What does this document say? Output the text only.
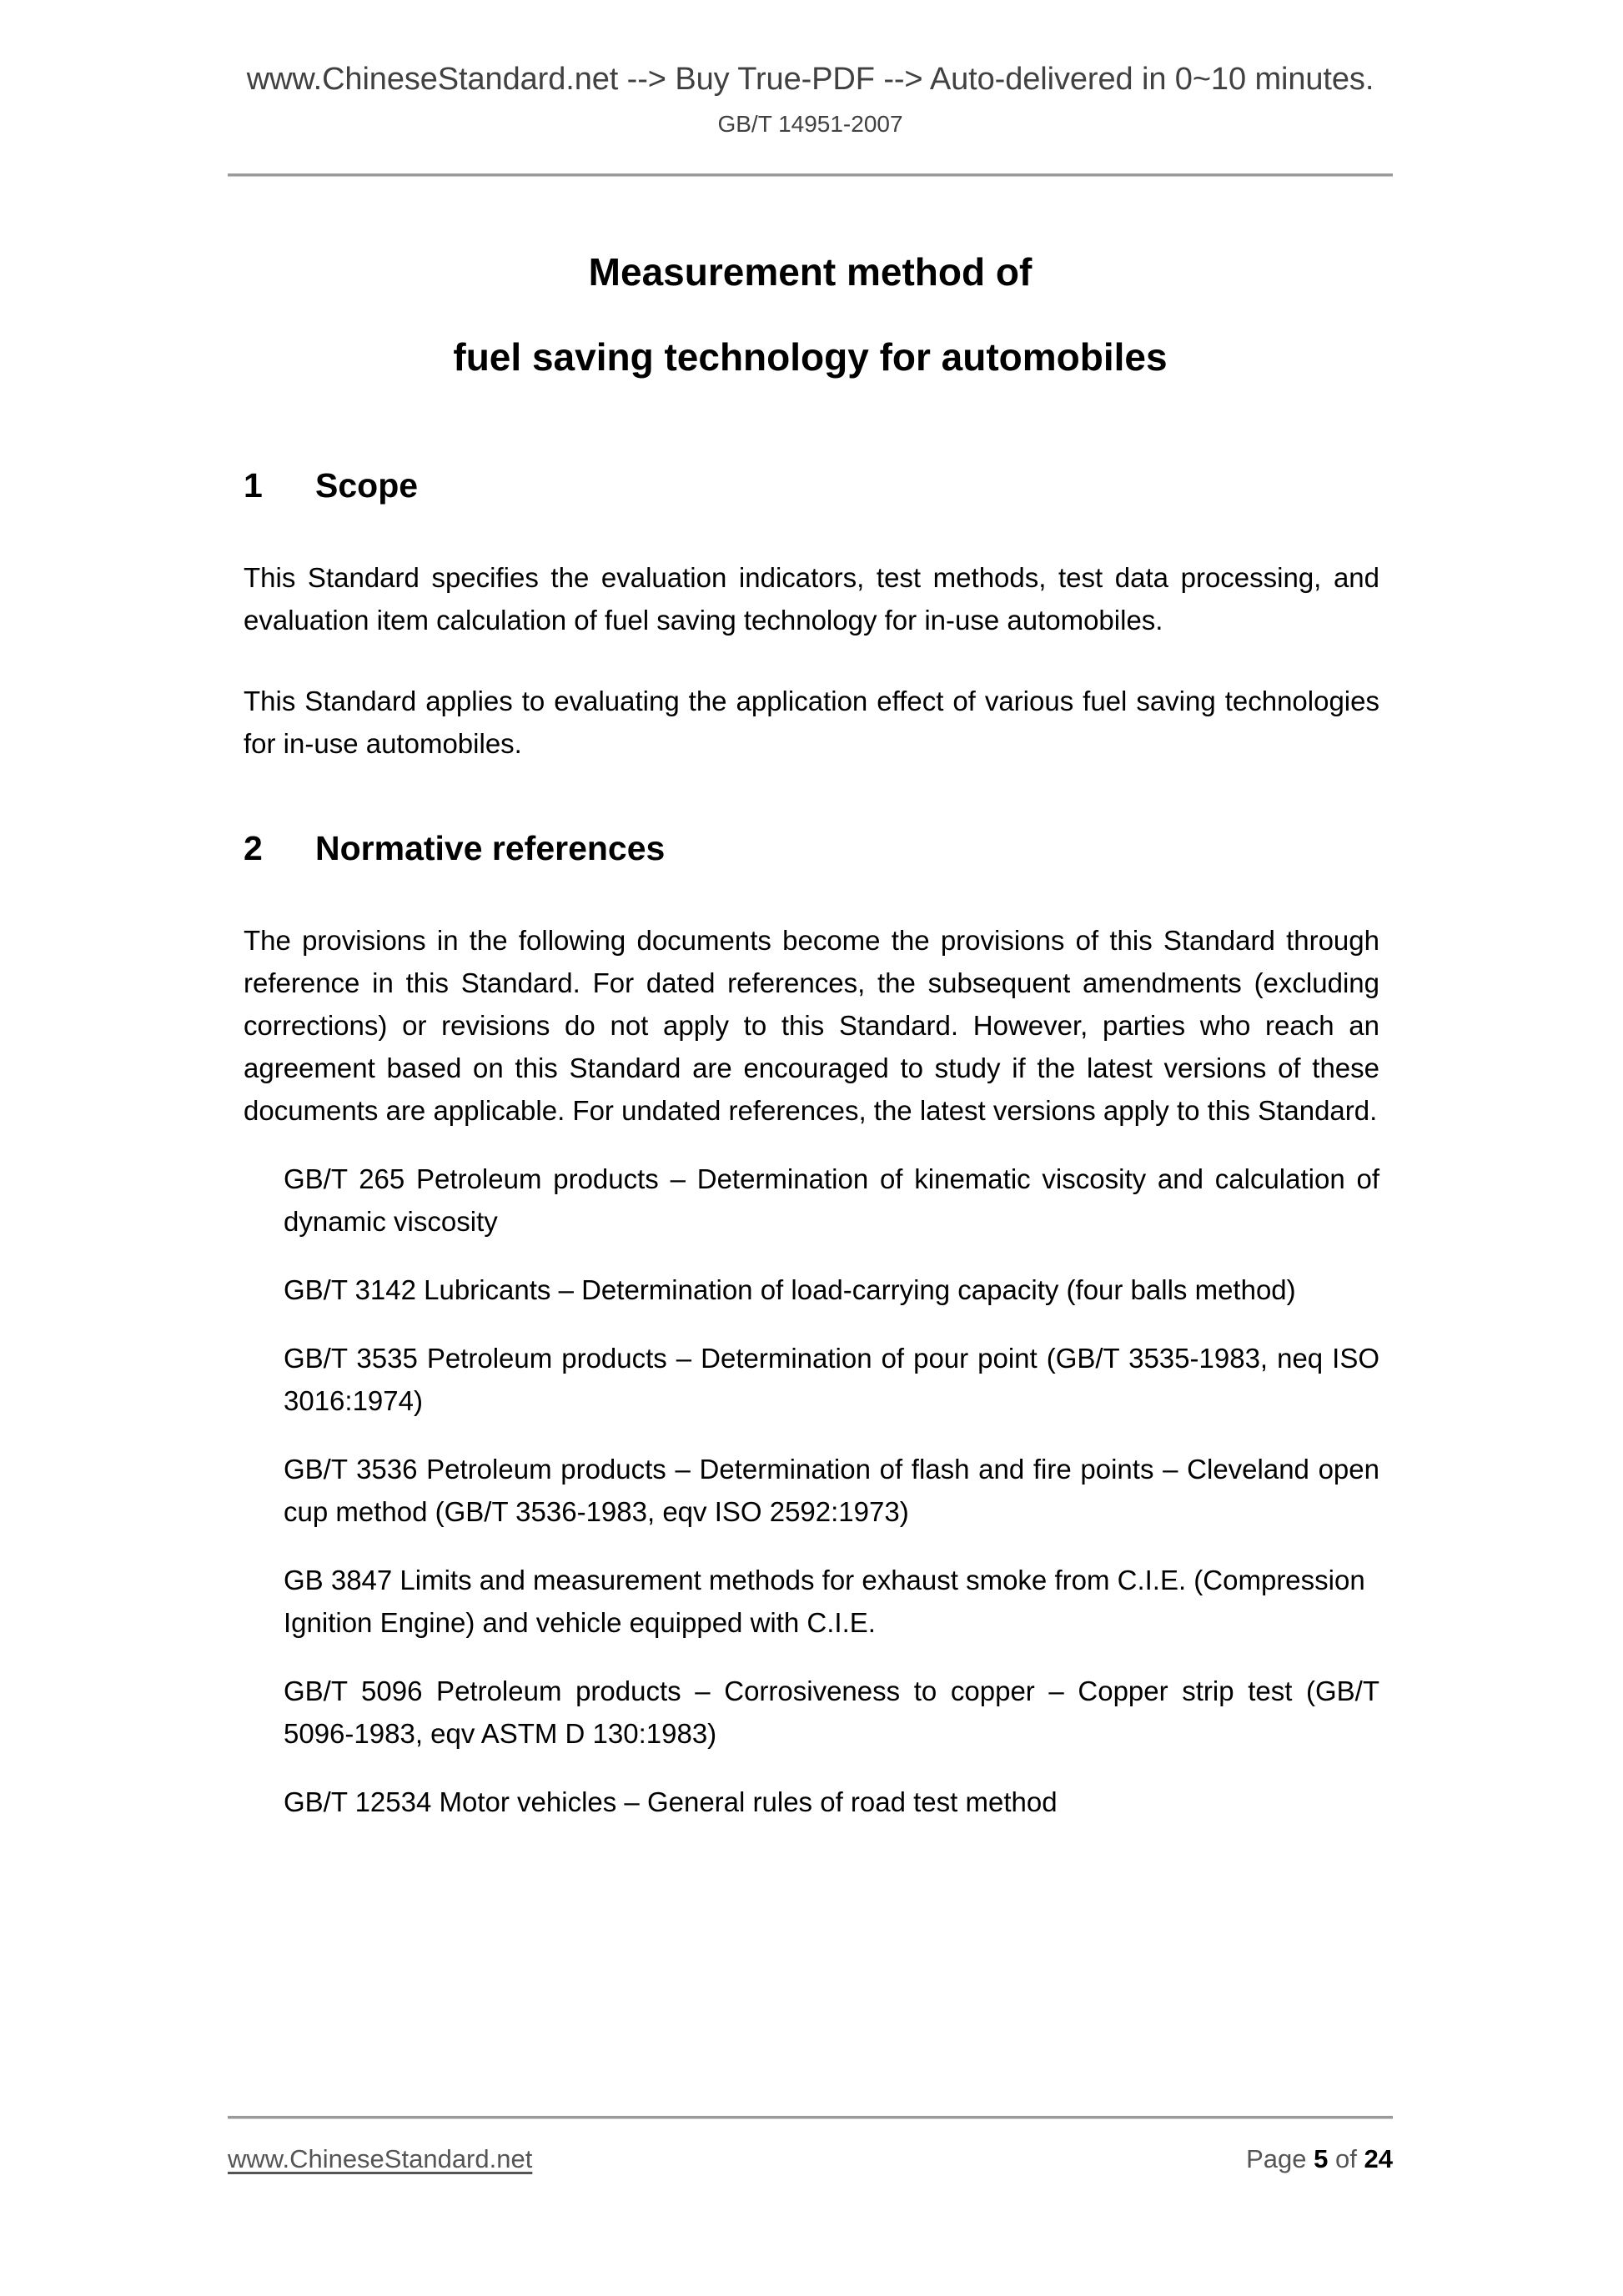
www.ChineseStandard.net --> Buy True-PDF --> Auto-delivered in 0~10 minutes.
GB/T 14951-2007
Measurement method of
fuel saving technology for automobiles
1	Scope

This Standard specifies the evaluation indicators, test methods, test data processing, and evaluation item calculation of fuel saving technology for in-use automobiles.

This Standard applies to evaluating the application effect of various fuel saving technologies for in-use automobiles.

2	Normative references

The provisions in the following documents become the provisions of this Standard through reference in this Standard. For dated references, the subsequent amendments (excluding corrections) or revisions do not apply to this Standard. However, parties who reach an agreement based on this Standard are encouraged to study if the latest versions of these documents are applicable. For undated references, the latest versions apply to this Standard.

GB/T 265 Petroleum products – Determination of kinematic viscosity and calculation of dynamic viscosity
GB/T 3142 Lubricants – Determination of load-carrying capacity (four balls method)
GB/T 3535 Petroleum products – Determination of pour point (GB/T 3535-1983, neq ISO 3016:1974)
GB/T 3536 Petroleum products – Determination of flash and fire points – Cleveland open cup method (GB/T 3536-1983, eqv ISO 2592:1973)
GB 3847 Limits and measurement methods for exhaust smoke from C.I.E. (Compression Ignition Engine) and vehicle equipped with C.I.E.
GB/T 5096 Petroleum products – Corrosiveness to copper – Copper strip test (GB/T 5096-1983, eqv ASTM D 130:1983)
GB/T 12534 Motor vehicles – General rules of road test method
www.ChineseStandard.net	Page 5 of 24
